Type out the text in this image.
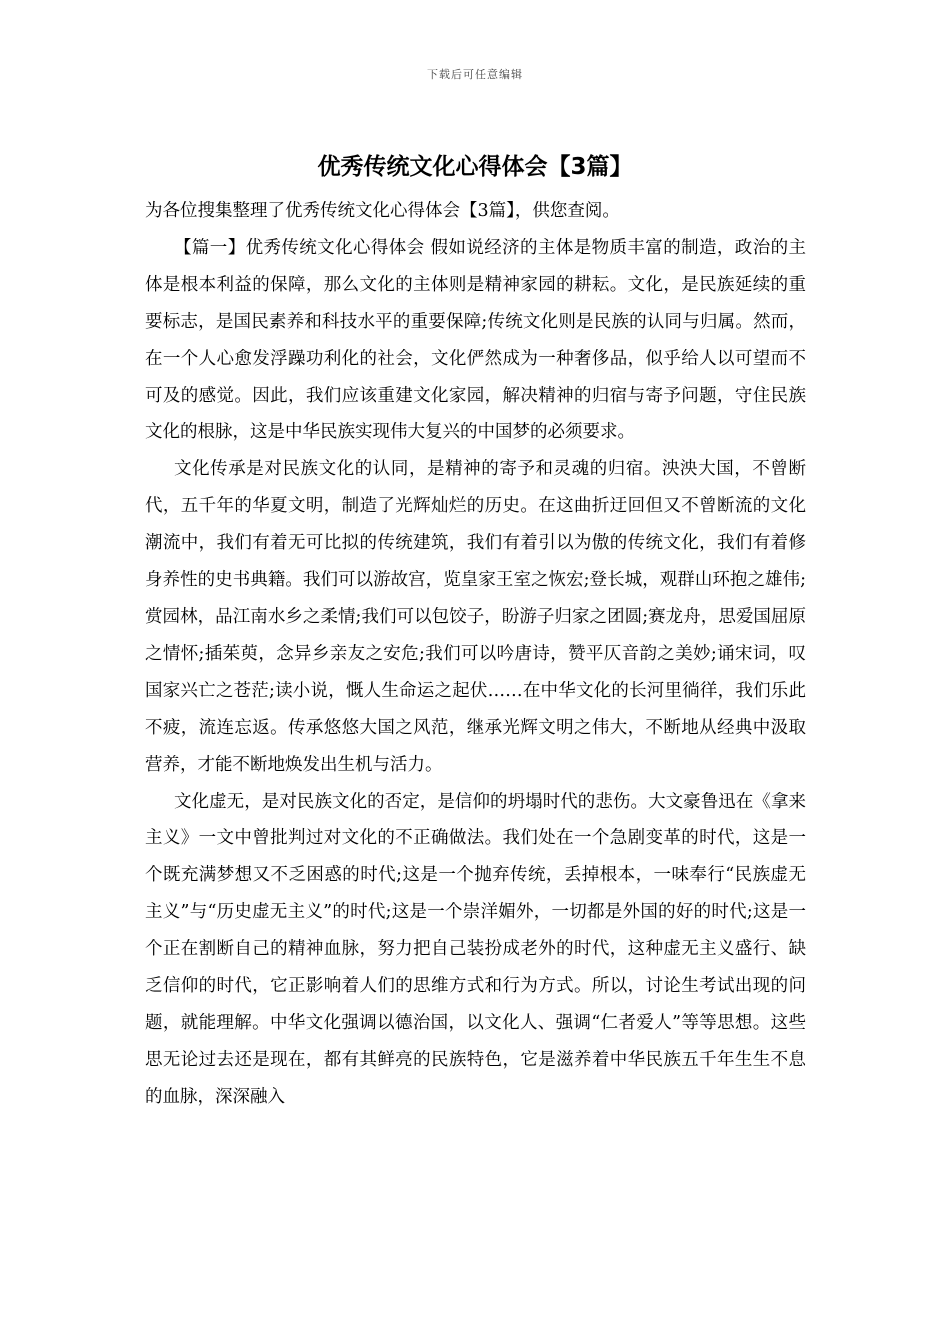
下载后可任意编辑
优秀传统文化心得体会【3篇】

为各位搜集整理了优秀传统文化心得体会【3篇】，供您查阅。

【篇一】优秀传统文化心得体会 假如说经济的主体是物质丰富的制造，政治的主体是根本利益的保障，那么文化的主体则是精神家园的耕耘。文化，是民族延续的重要标志，是国民素养和科技水平的重要保障;传统文化则是民族的认同与归属。然而，在一个人心愈发浮躁功利化的社会，文化俨然成为一种奢侈品，似乎给人以可望而不可及的感觉。因此，我们应该重建文化家园，解决精神的归宿与寄予问题，守住民族文化的根脉，这是中华民族实现伟大复兴的中国梦的必须要求。

文化传承是对民族文化的认同，是精神的寄予和灵魂的归宿。泱泱大国，不曾断代，五千年的华夏文明，制造了光辉灿烂的历史。在这曲折迂回但又不曾断流的文化潮流中，我们有着无可比拟的传统建筑，我们有着引以为傲的传统文化，我们有着修身养性的史书典籍。我们可以游故宫，览皇家王室之恢宏;登长城，观群山环抱之雄伟;赏园林，品江南水乡之柔情;我们可以包饺子，盼游子归家之团圆;赛龙舟，思爱国屈原之情怀;插茱萸，念异乡亲友之安危;我们可以吟唐诗，赞平仄音韵之美妙;诵宋词，叹国家兴亡之苍茫;读小说，慨人生命运之起伏……在中华文化的长河里徜徉，我们乐此不疲，流连忘返。传承悠悠大国之风范，继承光辉文明之伟大，不断地从经典中汲取营养，才能不断地焕发出生机与活力。

文化虚无，是对民族文化的否定，是信仰的坍塌时代的悲伤。大文豪鲁迅在《拿来主义》一文中曾批判过对文化的不正确做法。我们处在一个急剧变革的时代，这是一个既充满梦想又不乏困惑的时代;这是一个抛弃传统，丢掉根本，一味奉行“民族虚无主义”与“历史虚无主义”的时代;这是一个崇洋媚外，一切都是外国的好的时代;这是一个正在割断自己的精神血脉，努力把自己装扮成老外的时代，这种虚无主义盛行、缺乏信仰的时代，它正影响着人们的思维方式和行为方式。所以，讨论生考试出现的问题，就能理解。中华文化强调以德治国，以文化人、强调“仁者爱人”等等思想。这些思无论过去还是现在，都有其鲜亮的民族特色，它是滋养着中华民族五千年生生不息的血脉，深深融入
